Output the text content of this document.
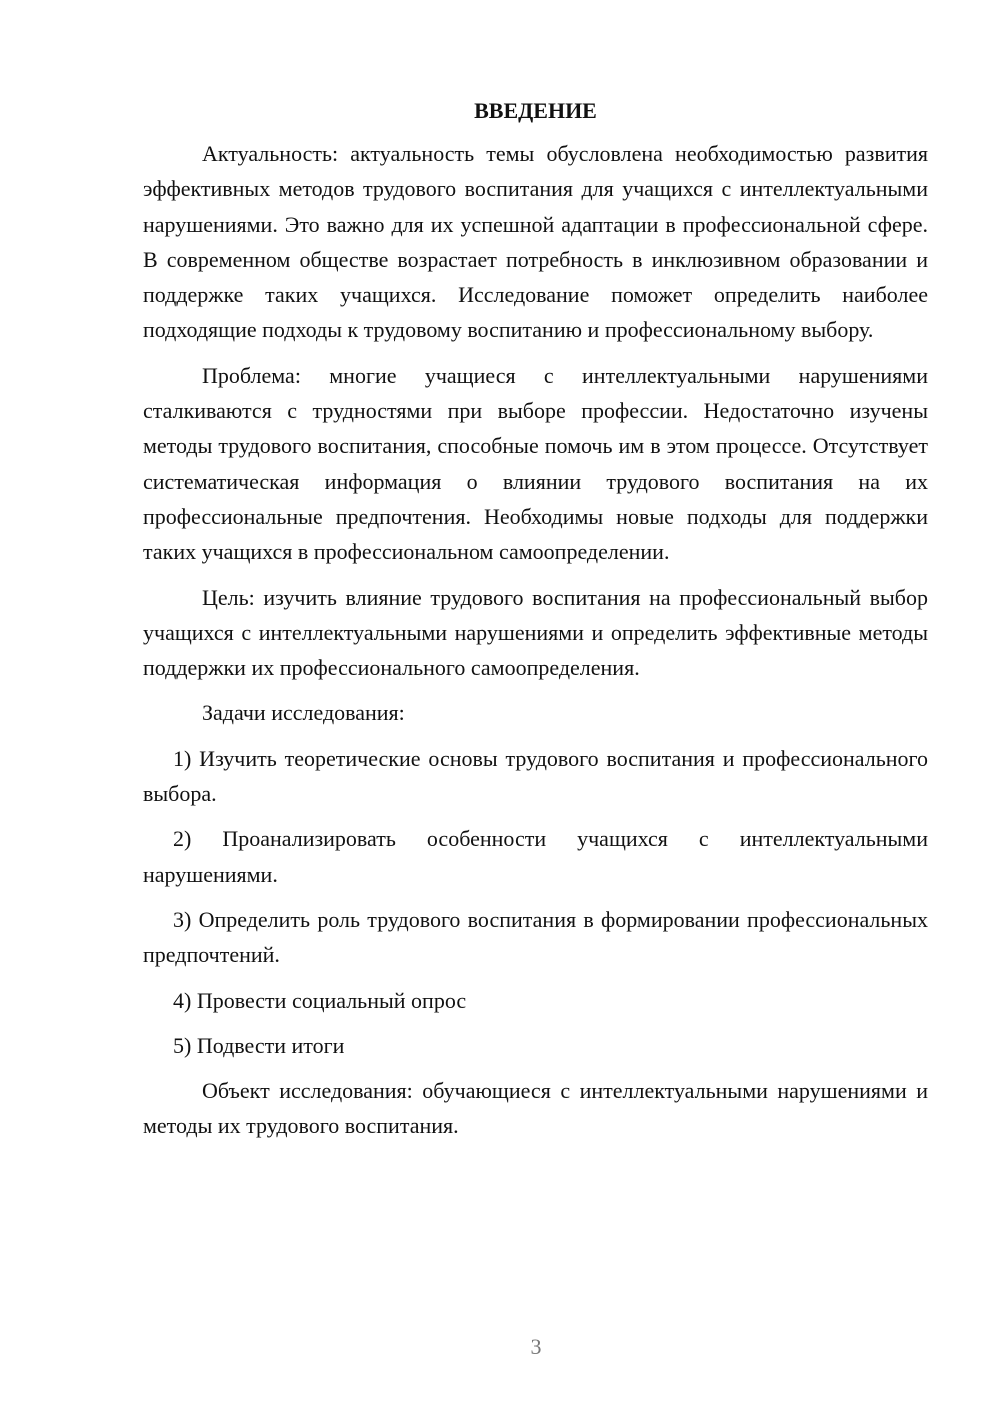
ВВЕДЕНИЕ

Актуальность: актуальность темы обусловлена необходимостью развития эффективных методов трудового воспитания для учащихся с интеллектуальными нарушениями. Это важно для их успешной адаптации в профессиональной сфере. В современном обществе возрастает потребность в инклюзивном образовании и поддержке таких учащихся. Исследование поможет определить наиболее подходящие подходы к трудовому воспитанию и профессиональному выбору.

Проблема: многие учащиеся с интеллектуальными нарушениями сталкиваются с трудностями при выборе профессии. Недостаточно изучены методы трудового воспитания, способные помочь им в этом процессе. Отсутствует систематическая информация о влиянии трудового воспитания на их профессиональные предпочтения. Необходимы новые подходы для поддержки таких учащихся в профессиональном самоопределении.

Цель: изучить влияние трудового воспитания на профессиональный выбор учащихся с интеллектуальными нарушениями и определить эффективные методы поддержки их профессионального самоопределения.

Задачи исследования:

1) Изучить теоретические основы трудового воспитания и профессионального выбора.

2) Проанализировать особенности учащихся с интеллектуальными нарушениями.

3) Определить роль трудового воспитания в формировании профессиональных предпочтений.

4) Провести социальный опрос

5) Подвести итоги

Объект исследования: обучающиеся с интеллектуальными нарушениями и методы их трудового воспитания.

3
